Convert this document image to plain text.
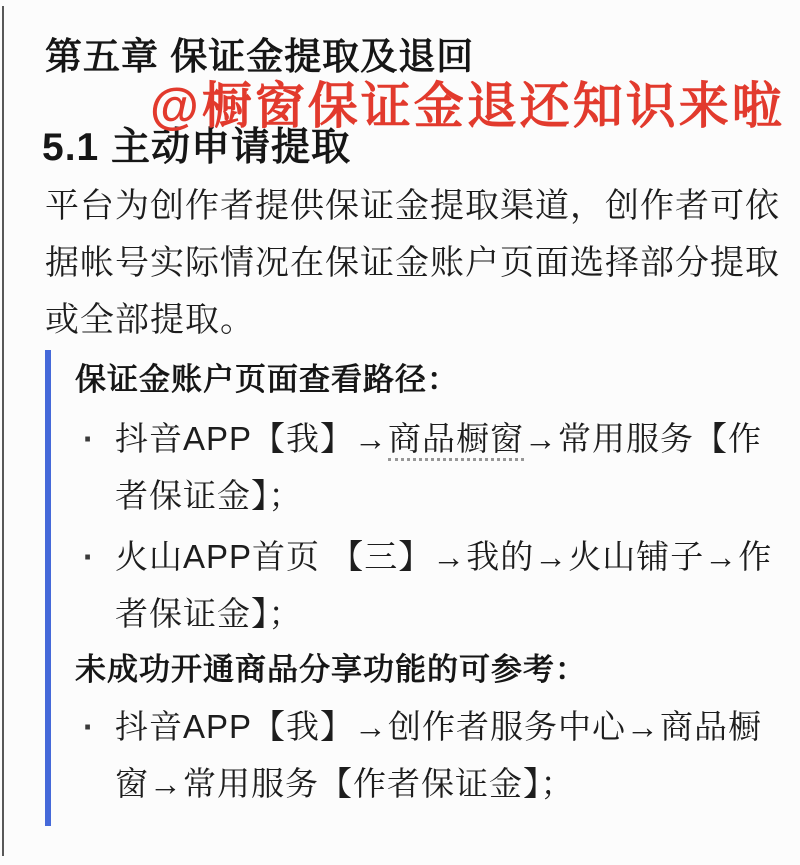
第五章 保证金提取及退回
@橱窗保证金退还知识来啦
5.1 主动申请提取

平台为创作者提供保证金提取渠道，创作者可依
据帐号实际情况在保证金账户页面选择部分提取
或全部提取。

保证金账户页面查看路径：
· 抖音APP【我】→商品橱窗→常用服务【作
者保证金】；
· 火山APP首页 【三】→我的→火山铺子→作
者保证金】；
未成功开通商品分享功能的可参考：
· 抖音APP【我】→创作者服务中心→商品橱
窗→常用服务【作者保证金】；
